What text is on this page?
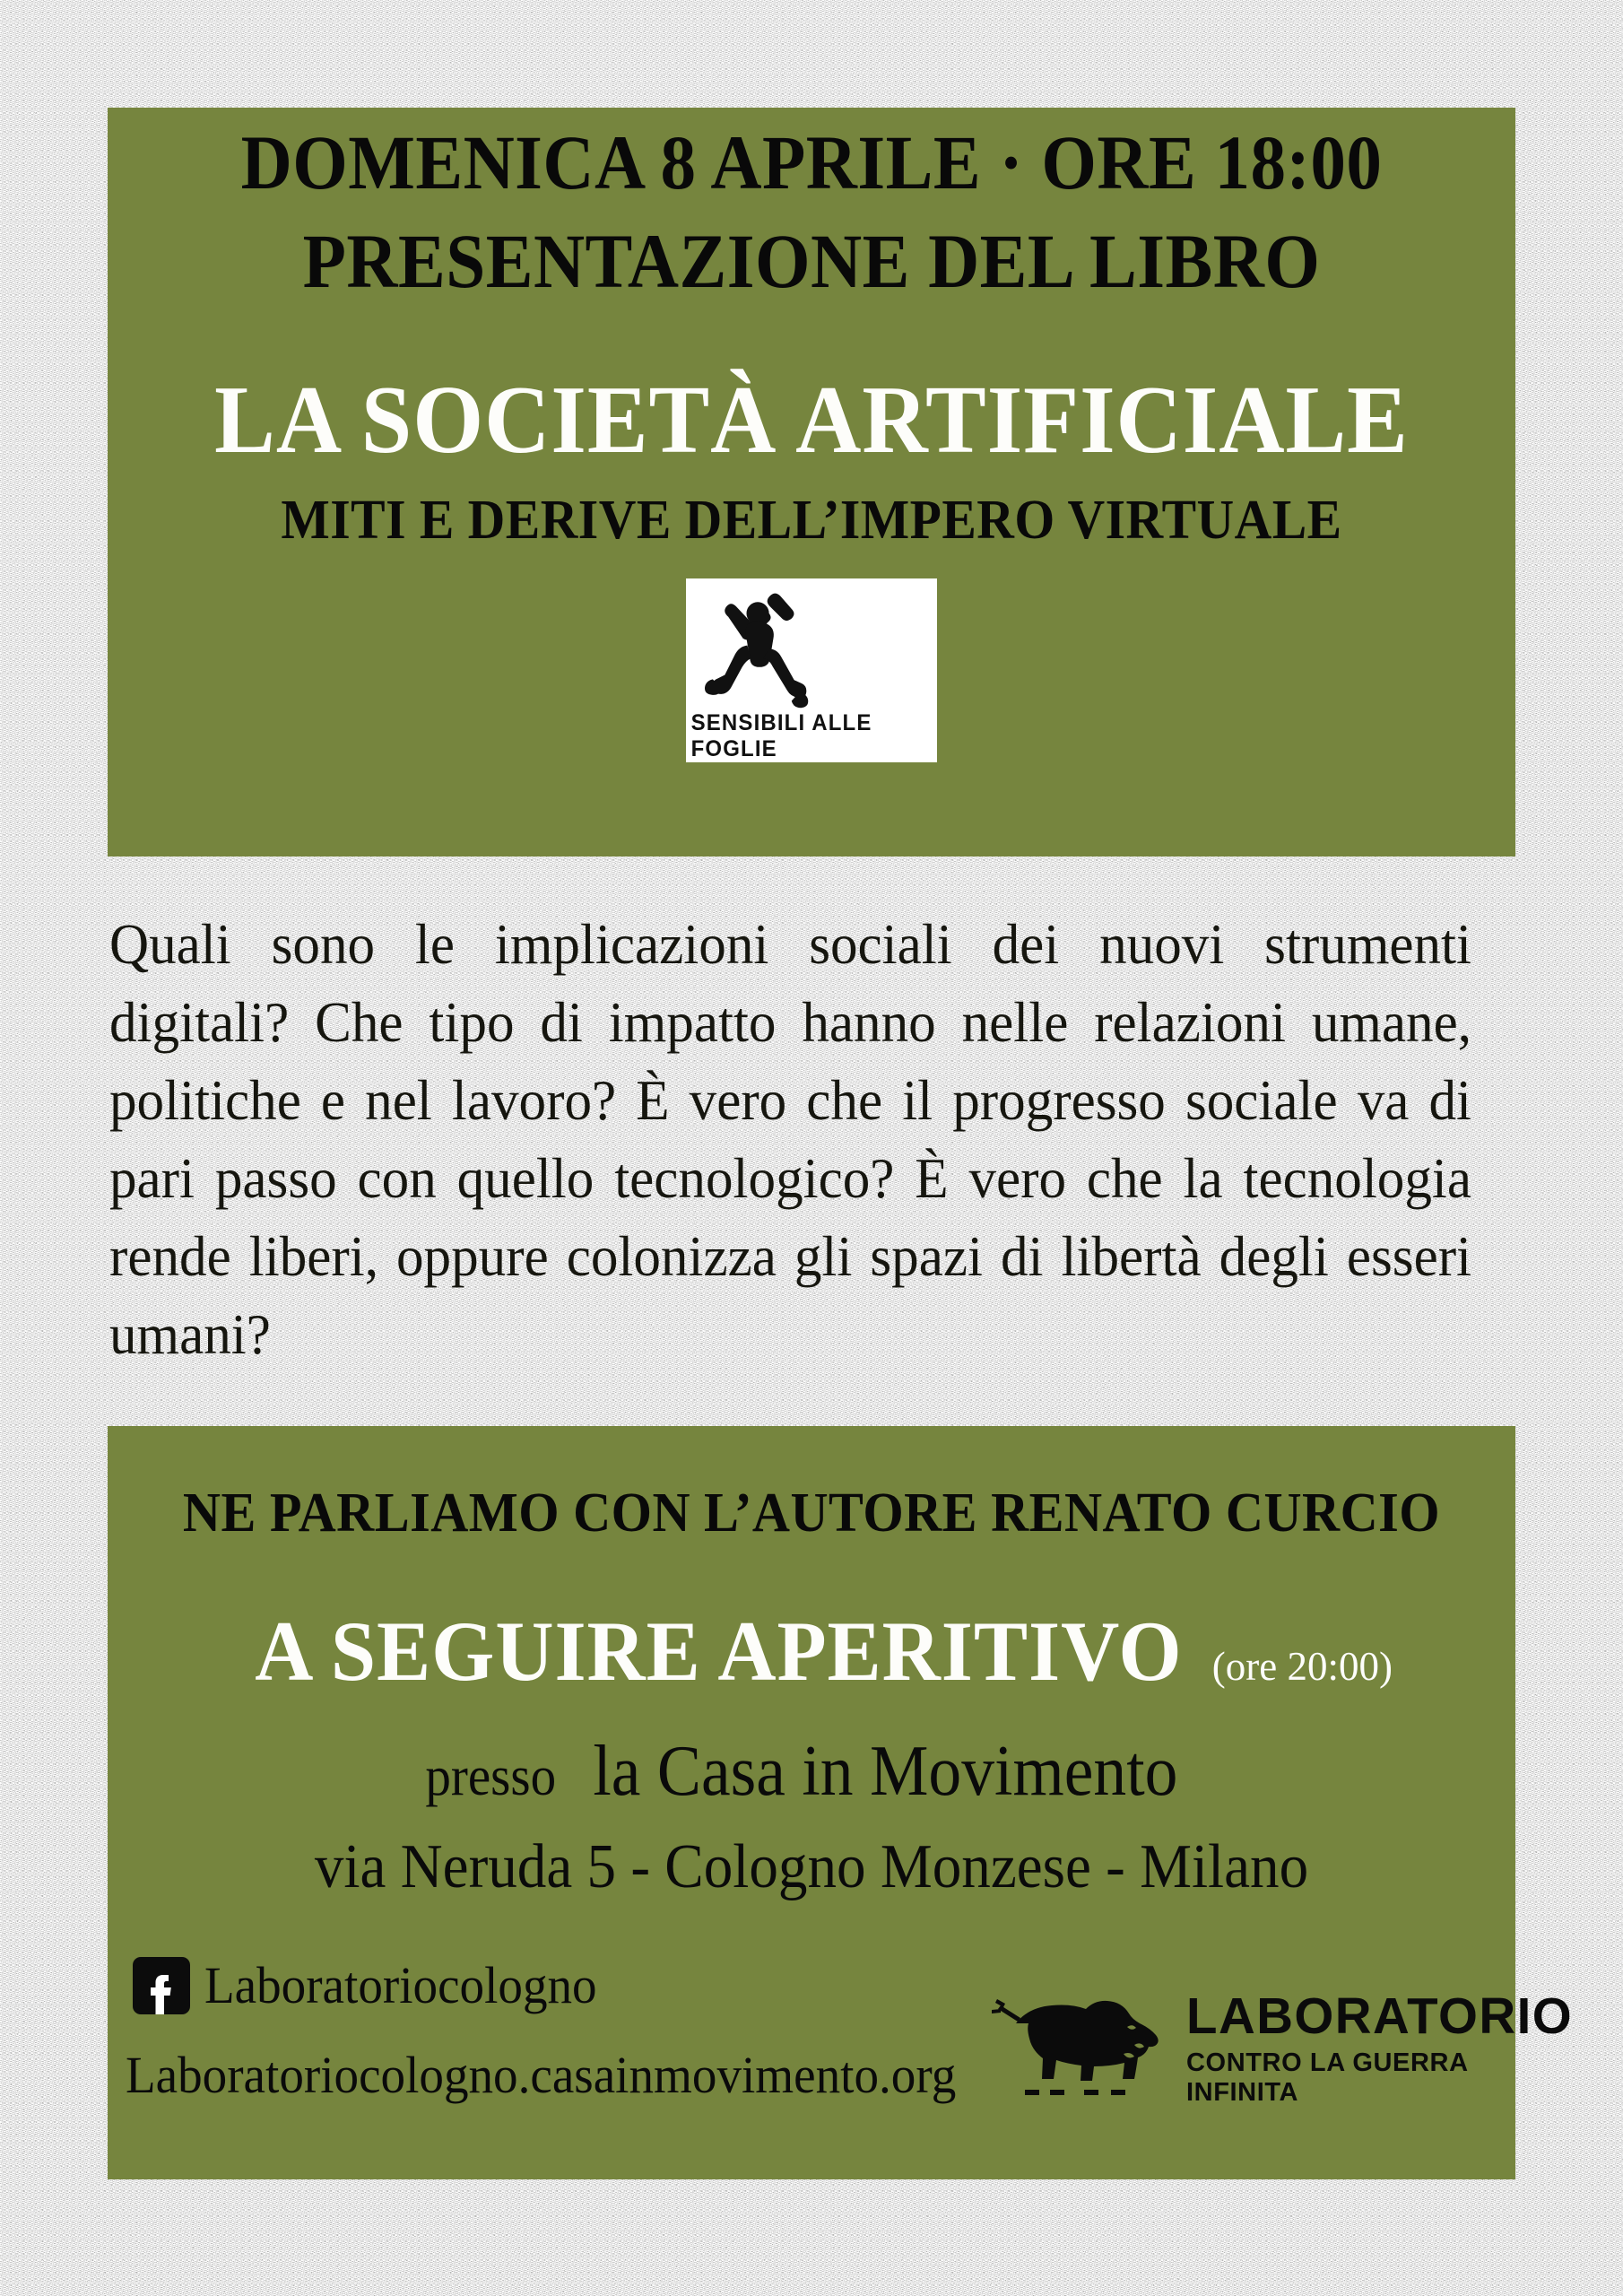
DOMENICA 8 APRILE · ORE 18:00
PRESENTAZIONE DEL LIBRO
LA SOCIETÀ ARTIFICIALE
MITI E DERIVE DELL’IMPERO VIRTUALE
SENSIBILI ALLE FOGLIE
Quali sono le implicazioni sociali dei nuovi strumenti digitali? Che tipo di impatto hanno nelle relazioni umane, politiche e nel lavoro? È vero che il progresso sociale va di pari passo con quello tecnologico? È vero che la tecnologia rende liberi, oppure colonizza gli spazi di libertà degli esseri umani?
NE PARLIAMO CON L’AUTORE RENATO CURCIO
A SEGUIRE APERITIVO (ore 20:00)
presso la Casa in Movimento
via Neruda 5 - Cologno Monzese - Milano
Laboratoriocologno
Laboratoriocologno.casainmovimento.org
LABORATORIO
CONTRO LA GUERRA INFINITA
